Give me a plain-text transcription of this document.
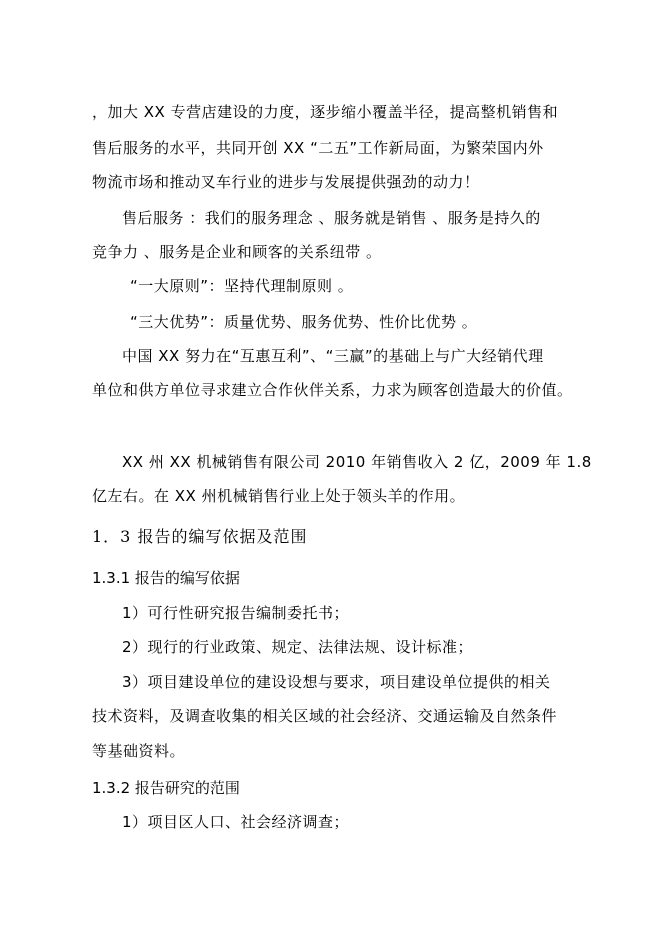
，加大 XX 专营店建设的力度，逐步缩小覆盖半径，提高整机销售和
售后服务的水平，共同开创 XX “二五”工作新局面，为繁荣国内外
物流市场和推动叉车行业的进步与发展提供强劲的动力！
售后服务 ：我们的服务理念 、服务就是销售 、服务是持久的
竞争力 、服务是企业和顾客的关系纽带 。
“一大原则”：坚持代理制原则 。
“三大优势”：质量优势、服务优势、性价比优势 。
中国 XX 努力在“互惠互利”、“三赢”的基础上与广大经销代理
单位和供方单位寻求建立合作伙伴关系，力求为顾客创造最大的价值。
XX 州 XX 机械销售有限公司 2010 年销售收入 2 亿，2009 年 1.8
亿左右。在 XX 州机械销售行业上处于领头羊的作用。
1．3 报告的编写依据及范围
1.3.1 报告的编写依据
1）可行性研究报告编制委托书；
2）现行的行业政策、规定、法律法规、设计标准；
3）项目建设单位的建设设想与要求，项目建设单位提供的相关
技术资料，及调查收集的相关区域的社会经济、交通运输及自然条件
等基础资料。
1.3.2 报告研究的范围
1）项目区人口、社会经济调查；
